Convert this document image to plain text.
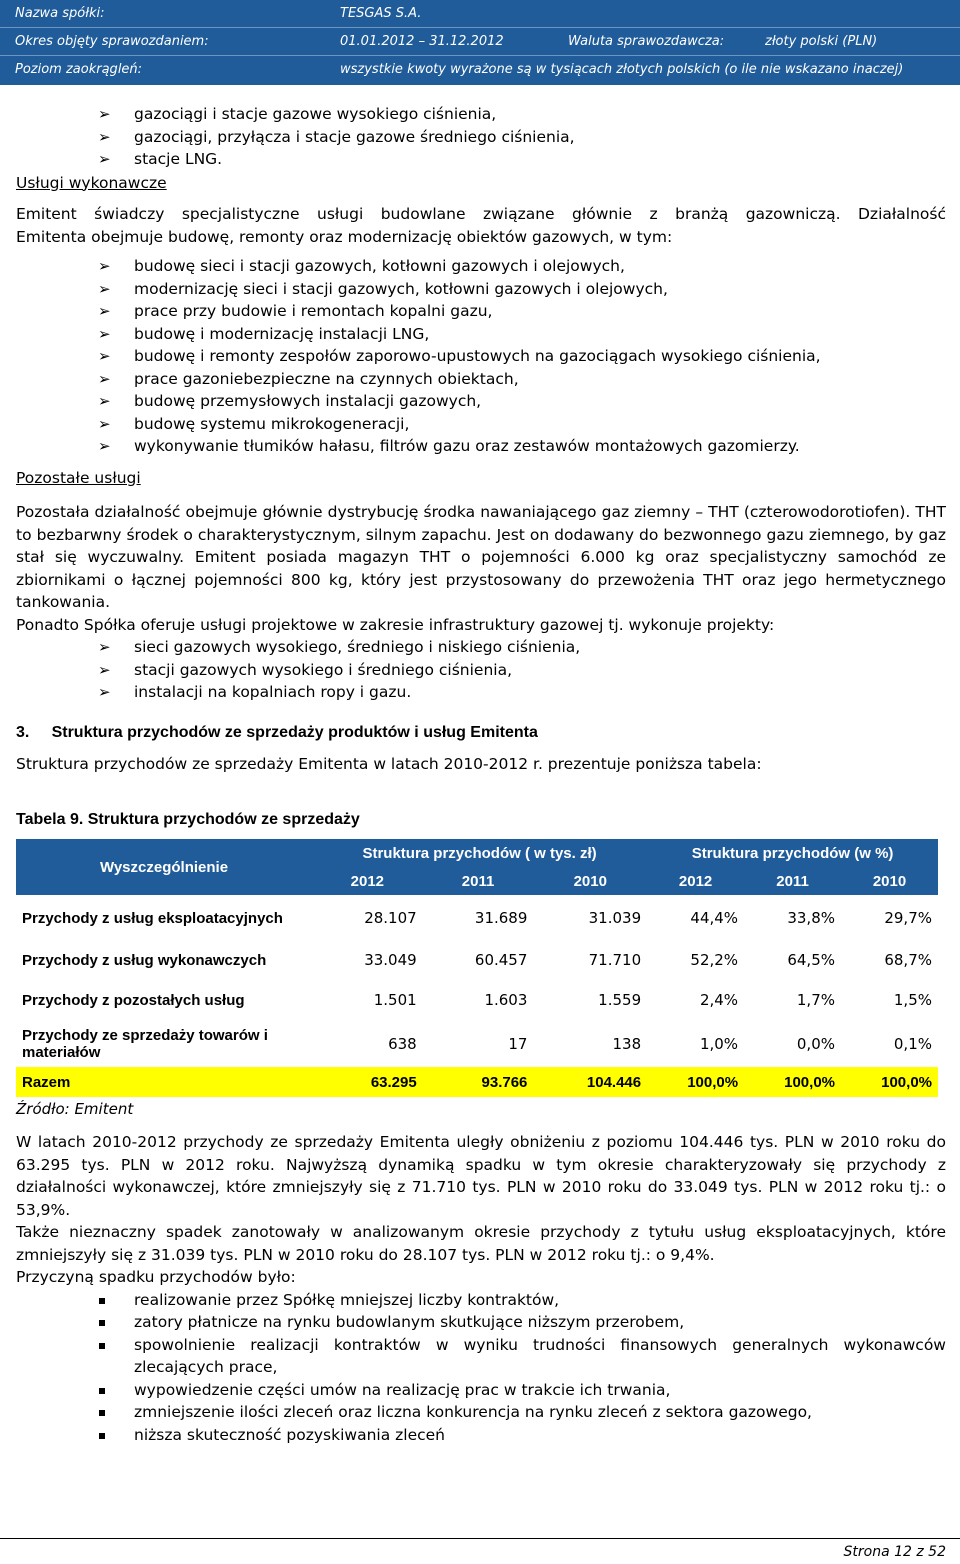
Nazwa spółki:	TESGAS S.A.
Okres objęty sprawozdaniem:	01.01.2012 – 31.12.2012	Waluta sprawozdawcza:	złoty polski (PLN)
Poziom zaokrągleń:	wszystkie kwoty wyrażone są w tysiącach złotych polskich (o ile nie wskazano inaczej)
➢ gazociągi i stacje gazowe wysokiego ciśnienia,
➢ gazociągi, przyłącza i stacje gazowe średniego ciśnienia,
➢ stacje LNG.
Usługi wykonawcze

Emitent świadczy specjalistyczne usługi budowlane związane głównie z branżą gazowniczą. Działalność

Emitenta obejmuje budowę, remonty oraz modernizację obiektów gazowych, w tym:

➢ budowę sieci i stacji gazowych, kotłowni gazowych i olejowych,
➢ modernizację sieci i stacji gazowych, kotłowni gazowych i olejowych,
➢ prace przy budowie i remontach kopalni gazu,
➢ budowę i modernizację instalacji LNG,
➢ budowę i remonty zespołów zaporowo-upustowych na gazociągach wysokiego ciśnienia,
➢ prace gazoniebezpieczne na czynnych obiektach,
➢ budowę przemysłowych instalacji gazowych,
➢ budowę systemu mikrokogeneracji,
➢ wykonywanie tłumików hałasu, filtrów gazu oraz zestawów montażowych gazomierzy.
Pozostałe usługi

Pozostała działalność obejmuje głównie dystrybucję środka nawaniającego gaz ziemny – THT (czterowodorotiofen). THT to bezbarwny środek o charakterystycznym, silnym zapachu. Jest on dodawany do bezwonnego gazu ziemnego, by gaz stał się wyczuwalny. Emitent posiada magazyn THT o pojemności 6.000 kg oraz specjalistyczny samochód ze zbiornikami o łącznej pojemności 800 kg, który jest przystosowany do przewożenia THT oraz jego hermetycznego tankowania.

Ponadto Spółka oferuje usługi projektowe w zakresie infrastruktury gazowej tj. wykonuje projekty:

➢ sieci gazowych wysokiego, średniego i niskiego ciśnienia,
➢ stacji gazowych wysokiego i średniego ciśnienia,
➢ instalacji na kopalniach ropy i gazu.
3. Struktura przychodów ze sprzedaży produktów i usług Emitenta

Struktura przychodów ze sprzedaży Emitenta w latach 2010-2012 r. prezentuje poniższa tabela:

Tabela 9. Struktura przychodów ze sprzedaży
Wyszczególnienie	Struktura przychodów ( w tys. zł)			Struktura przychodów (w %)		
	2012	2011	2010	2012	2011	2010
Przychody z usług eksploatacyjnych	28.107	31.689	31.039	44,4%	33,8%	29,7%
Przychody z usług wykonawczych	33.049	60.457	71.710	52,2%	64,5%	68,7%
Przychody z pozostałych usług	1.501	1.603	1.559	2,4%	1,7%	1,5%
Przychody ze sprzedaży towarów i materiałów	638	17	138	1,0%	0,0%	0,1%
Razem	63.295	93.766	104.446	100,0%	100,0%	100,0%
Źródło: Emitent

W latach 2010-2012 przychody ze sprzedaży Emitenta uległy obniżeniu z poziomu 104.446 tys. PLN w 2010 roku do 63.295 tys. PLN w 2012 roku. Najwyższą dynamiką spadku w tym okresie charakteryzowały się przychody z działalności wykonawczej, które zmniejszyły się z 71.710 tys. PLN w 2010 roku do 33.049 tys. PLN w 2012 roku tj.: o 53,9%.

Także nieznaczny spadek zanotowały w analizowanym okresie przychody z tytułu usług eksploatacyjnych, które zmniejszyły się z 31.039 tys. PLN w 2010 roku do 28.107 tys. PLN w 2012 roku tj.: o 9,4%.

Przyczyną spadku przychodów było:

realizowanie przez Spółkę mniejszej liczby kontraktów,
zatory płatnicze na rynku budowlanym skutkujące niższym przerobem,
spowolnienie realizacji kontraktów w wyniku trudności finansowych generalnych wykonawców zlecających prace,
wypowiedzenie części umów na realizację prac w trakcie ich trwania,
zmniejszenie ilości zleceń oraz liczna konkurencja na rynku zleceń z sektora gazowego,
niższa skuteczność pozyskiwania zleceń
Strona 12 z 52
